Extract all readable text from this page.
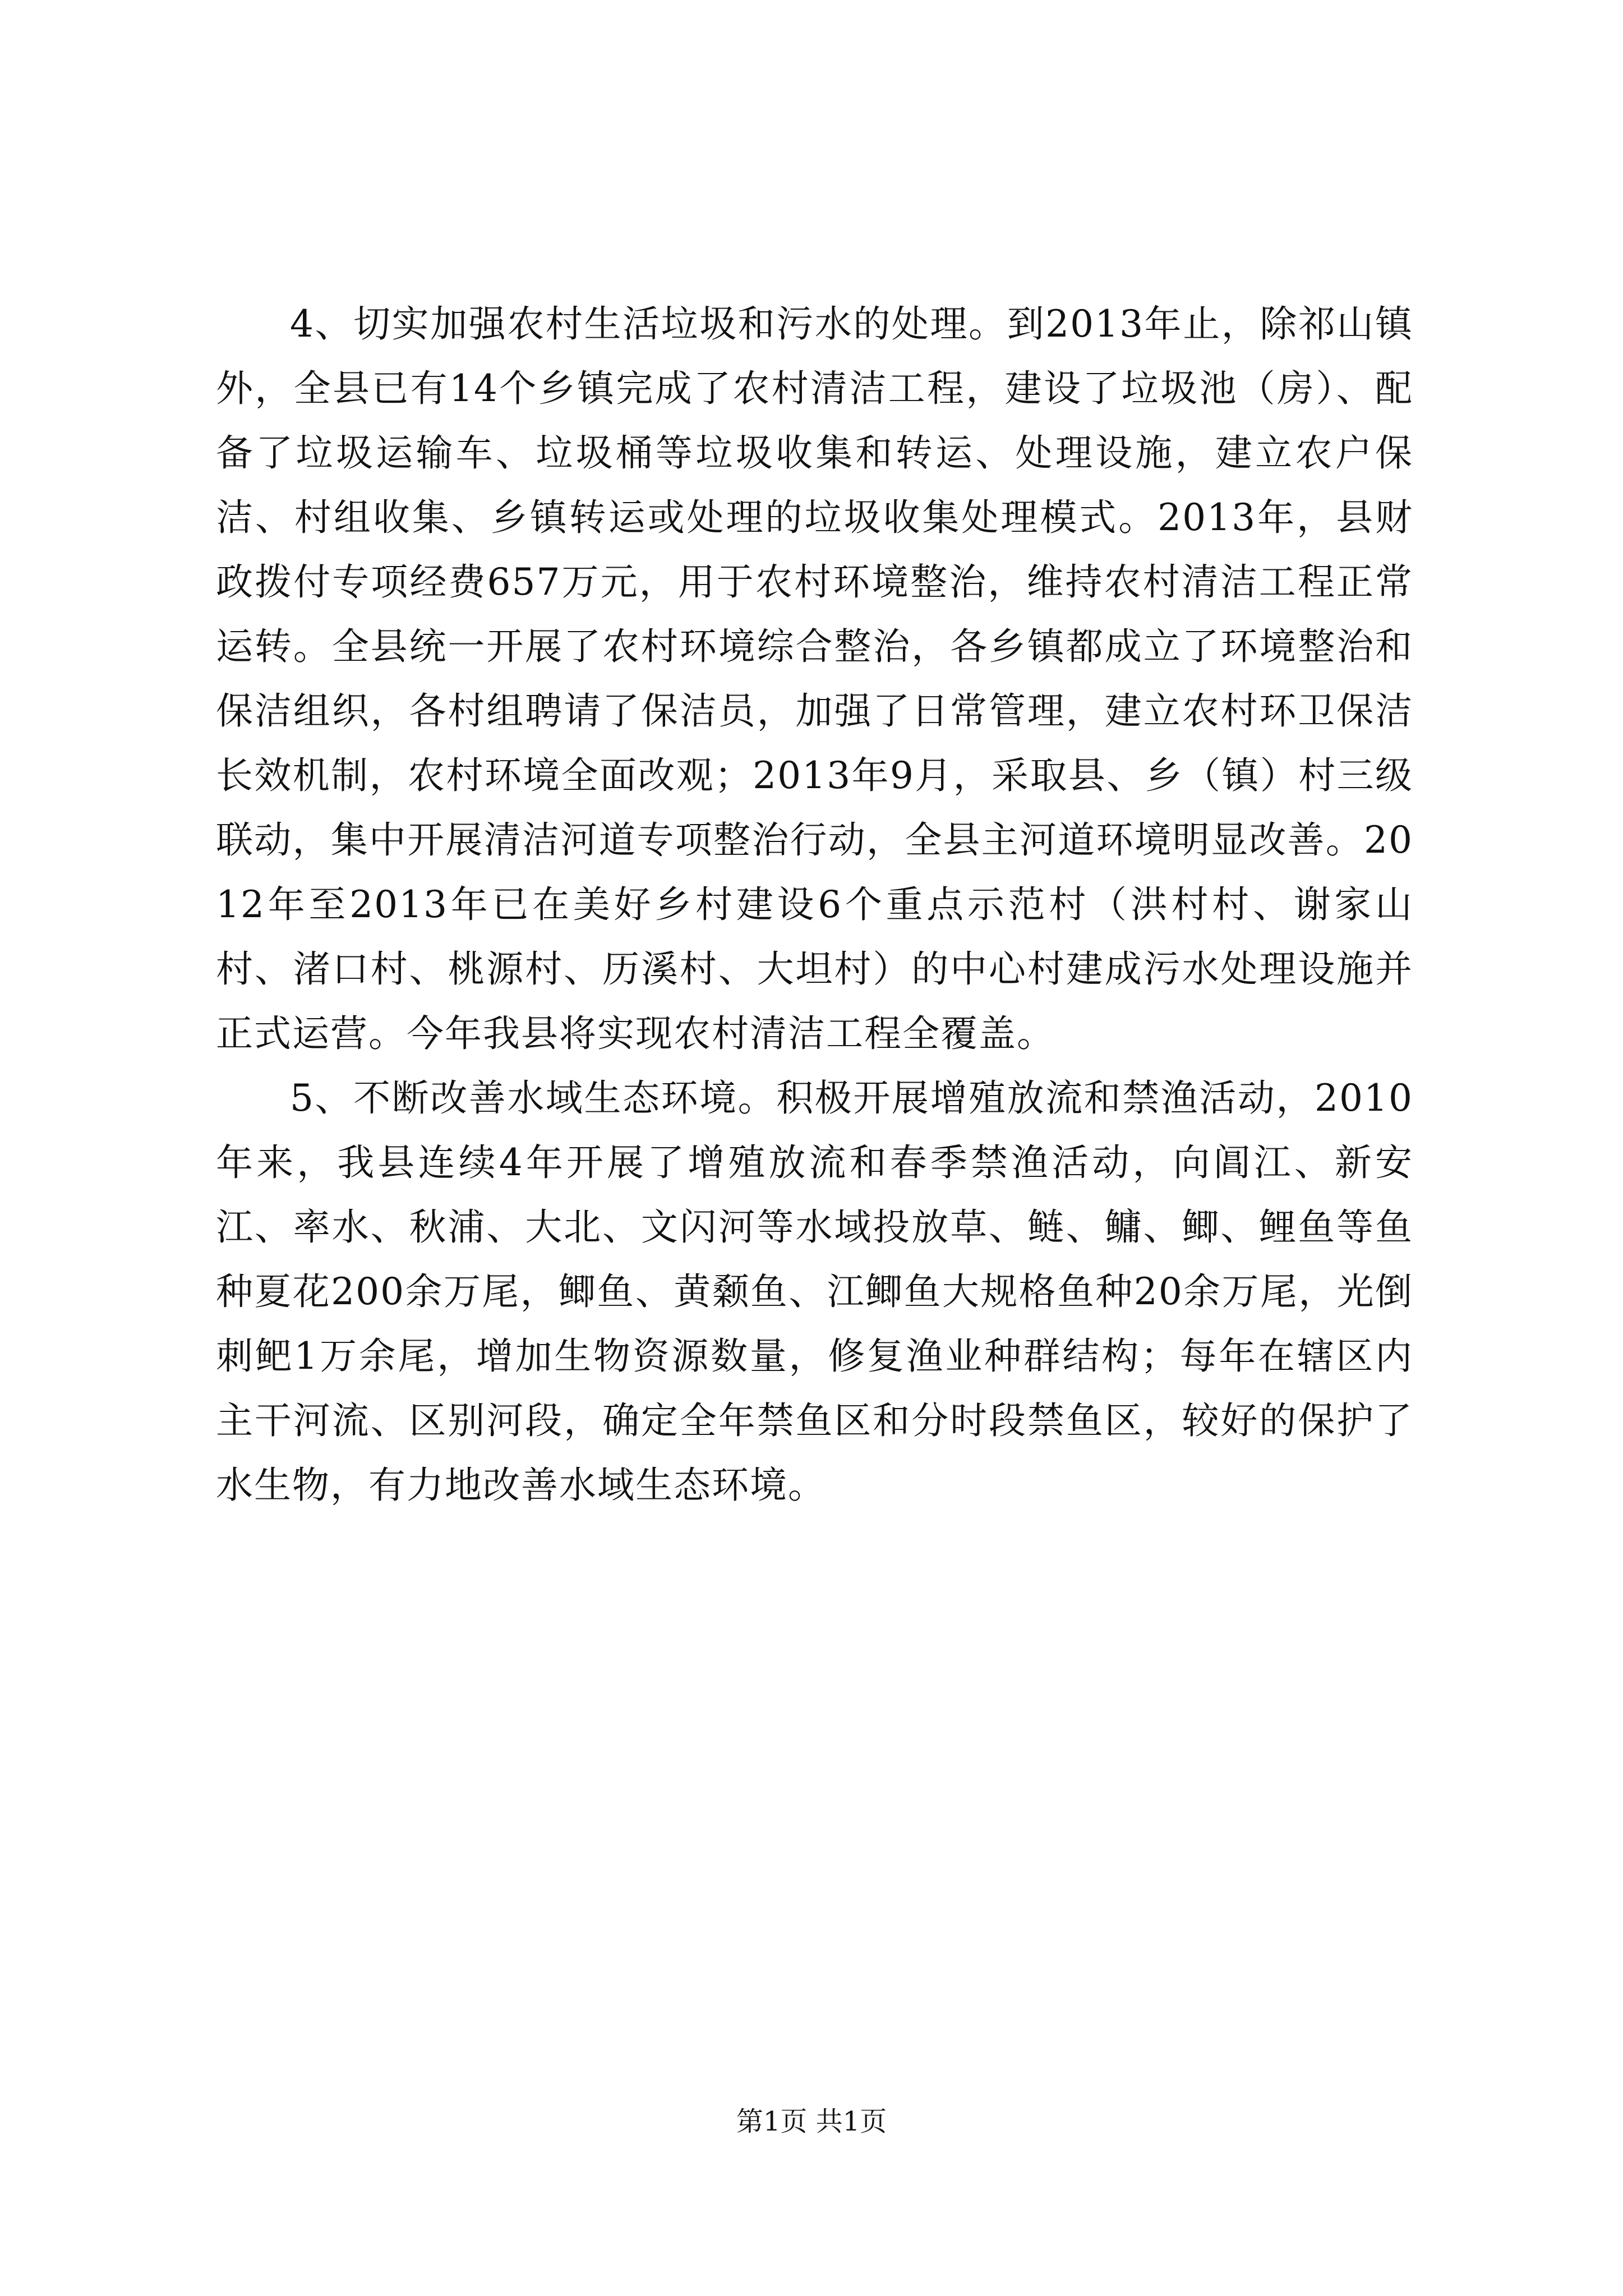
4、切实加强农村生活垃圾和污水的处理。到2013年止，除祁山镇外，全县已有14个乡镇完成了农村清洁工程，建设了垃圾池（房）、配备了垃圾运输车、垃圾桶等垃圾收集和转运、处理设施，建立农户保洁、村组收集、乡镇转运或处理的垃圾收集处理模式。2013年，县财政拨付专项经费657万元，用于农村环境整治，维持农村清洁工程正常运转。全县统一开展了农村环境综合整治，各乡镇都成立了环境整治和保洁组织，各村组聘请了保洁员，加强了日常管理，建立农村环卫保洁长效机制，农村环境全面改观；2013年9月，采取县、乡（镇）村三级联动，集中开展清洁河道专项整治行动，全县主河道环境明显改善。2012年至2013年已在美好乡村建设6个重点示范村（洪村村、谢家山村、渚口村、桃源村、历溪村、大坦村）的中心村建成污水处理设施并正式运营。今年我县将实现农村清洁工程全覆盖。

5、不断改善水域生态环境。积极开展增殖放流和禁渔活动，2010年来，我县连续4年开展了增殖放流和春季禁渔活动，向阊江、新安江、率水、秋浦、大北、文闪河等水域投放草、鲢、鳙、鲫、鲤鱼等鱼种夏花200余万尾，鲫鱼、黄颡鱼、江鲫鱼大规格鱼种20余万尾，光倒刺鲃1万余尾，增加生物资源数量，修复渔业种群结构；每年在辖区内主干河流、区别河段，确定全年禁鱼区和分时段禁鱼区，较好的保护了水生物，有力地改善水域生态环境。

第1页 共1页
